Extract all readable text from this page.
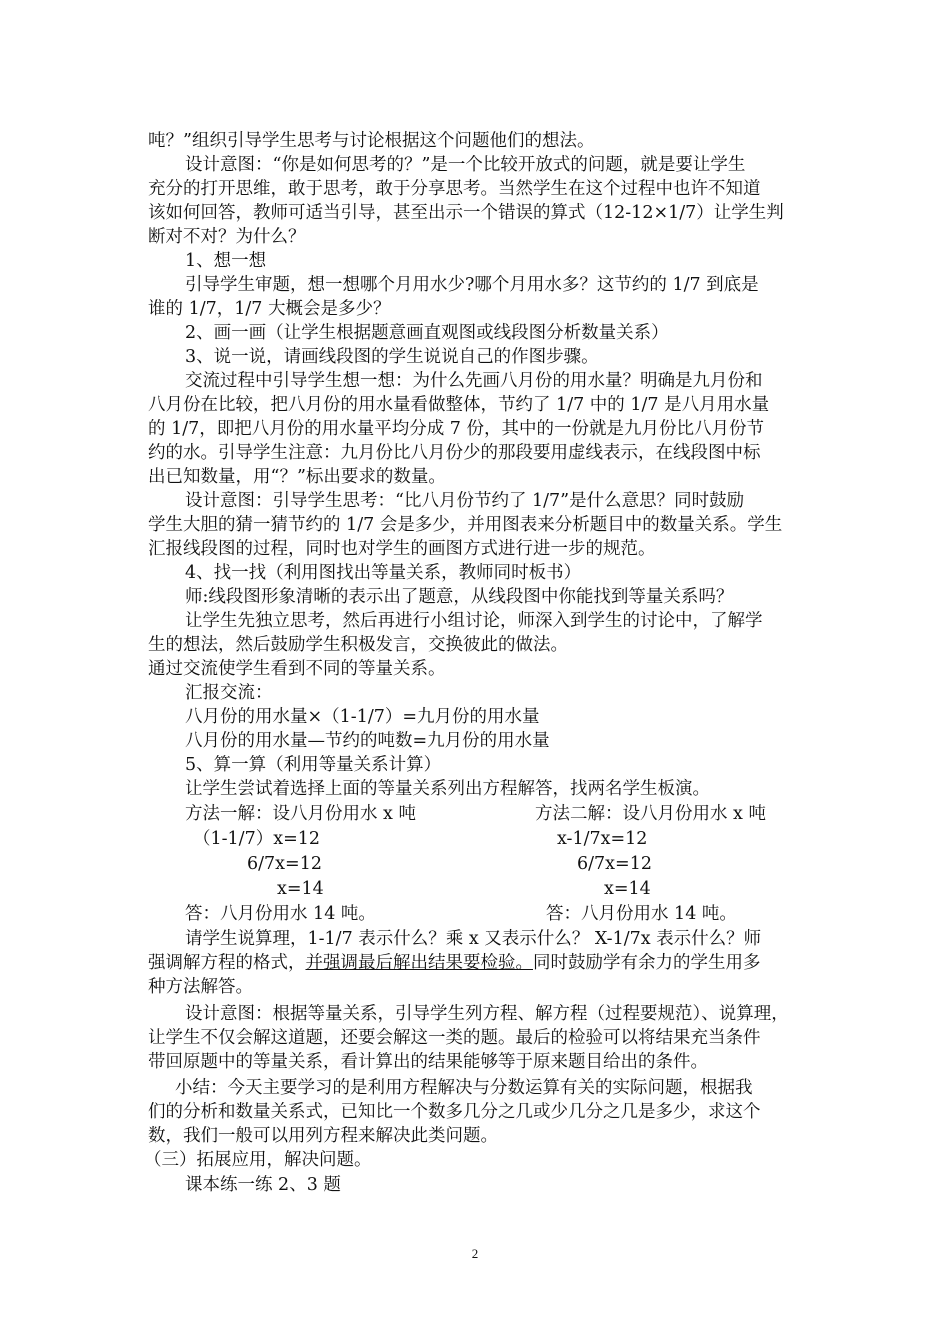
吨？”组织引导学生思考与讨论根据这个问题他们的想法。
设计意图：“你是如何思考的？”是一个比较开放式的问题，就是要让学生
充分的打开思维，敢于思考，敢于分享思考。当然学生在这个过程中也许不知道
该如何回答，教师可适当引导，甚至出示一个错误的算式（12-12×1/7）让学生判
断对不对？为什么？
1、想一想
引导学生审题，想一想哪个月用水少?哪个月用水多？这节约的 1/7 到底是
谁的 1/7，1/7 大概会是多少？
2、画一画（让学生根据题意画直观图或线段图分析数量关系）
3、说一说，请画线段图的学生说说自己的作图步骤。
交流过程中引导学生想一想：为什么先画八月份的用水量？明确是九月份和
八月份在比较，把八月份的用水量看做整体，节约了 1/7 中的 1/7 是八月用水量
的 1/7，即把八月份的用水量平均分成 7 份，其中的一份就是九月份比八月份节
约的水。引导学生注意：九月份比八月份少的那段要用虚线表示，在线段图中标
出已知数量，用“？”标出要求的数量。
设计意图：引导学生思考：“比八月份节约了 1/7”是什么意思？同时鼓励
学生大胆的猜一猜节约的 1/7 会是多少，并用图表来分析题目中的数量关系。学生
汇报线段图的过程，同时也对学生的画图方式进行进一步的规范。
4、找一找（利用图找出等量关系，教师同时板书）
师:线段图形象清晰的表示出了题意，从线段图中你能找到等量关系吗？
让学生先独立思考，然后再进行小组讨论，师深入到学生的讨论中，了解学
生的想法，然后鼓励学生积极发言，交换彼此的做法。
通过交流使学生看到不同的等量关系。
汇报交流：
八月份的用水量×（1-1/7）=九月份的用水量
八月份的用水量—节约的吨数=九月份的用水量
5、算一算（利用等量关系计算）
让学生尝试着选择上面的等量关系列出方程解答，找两名学生板演。
方法一解：设八月份用水 x 吨	方法二解：设八月份用水 x 吨
（1-1/7）x=12	x-1/7x=12
6/7x=12	6/7x=12
x=14	x=14
答：八月份用水 14 吨。	答：八月份用水 14 吨。
请学生说算理，1-1/7 表示什么？乘 x 又表示什么？ X-1/7x 表示什么？师
强调解方程的格式，并强调最后解出结果要检验。同时鼓励学有余力的学生用多
种方法解答。
设计意图：根据等量关系，引导学生列方程、解方程（过程要规范）、说算理，
让学生不仅会解这道题，还要会解这一类的题。最后的检验可以将结果充当条件
带回原题中的等量关系，看计算出的结果能够等于原来题目给出的条件。
小结：今天主要学习的是利用方程解决与分数运算有关的实际问题，根据我
们的分析和数量关系式，已知比一个数多几分之几或少几分之几是多少，求这个
数，我们一般可以用列方程来解决此类问题。
（三）拓展应用，解决问题。
课本练一练 2、3 题
2
